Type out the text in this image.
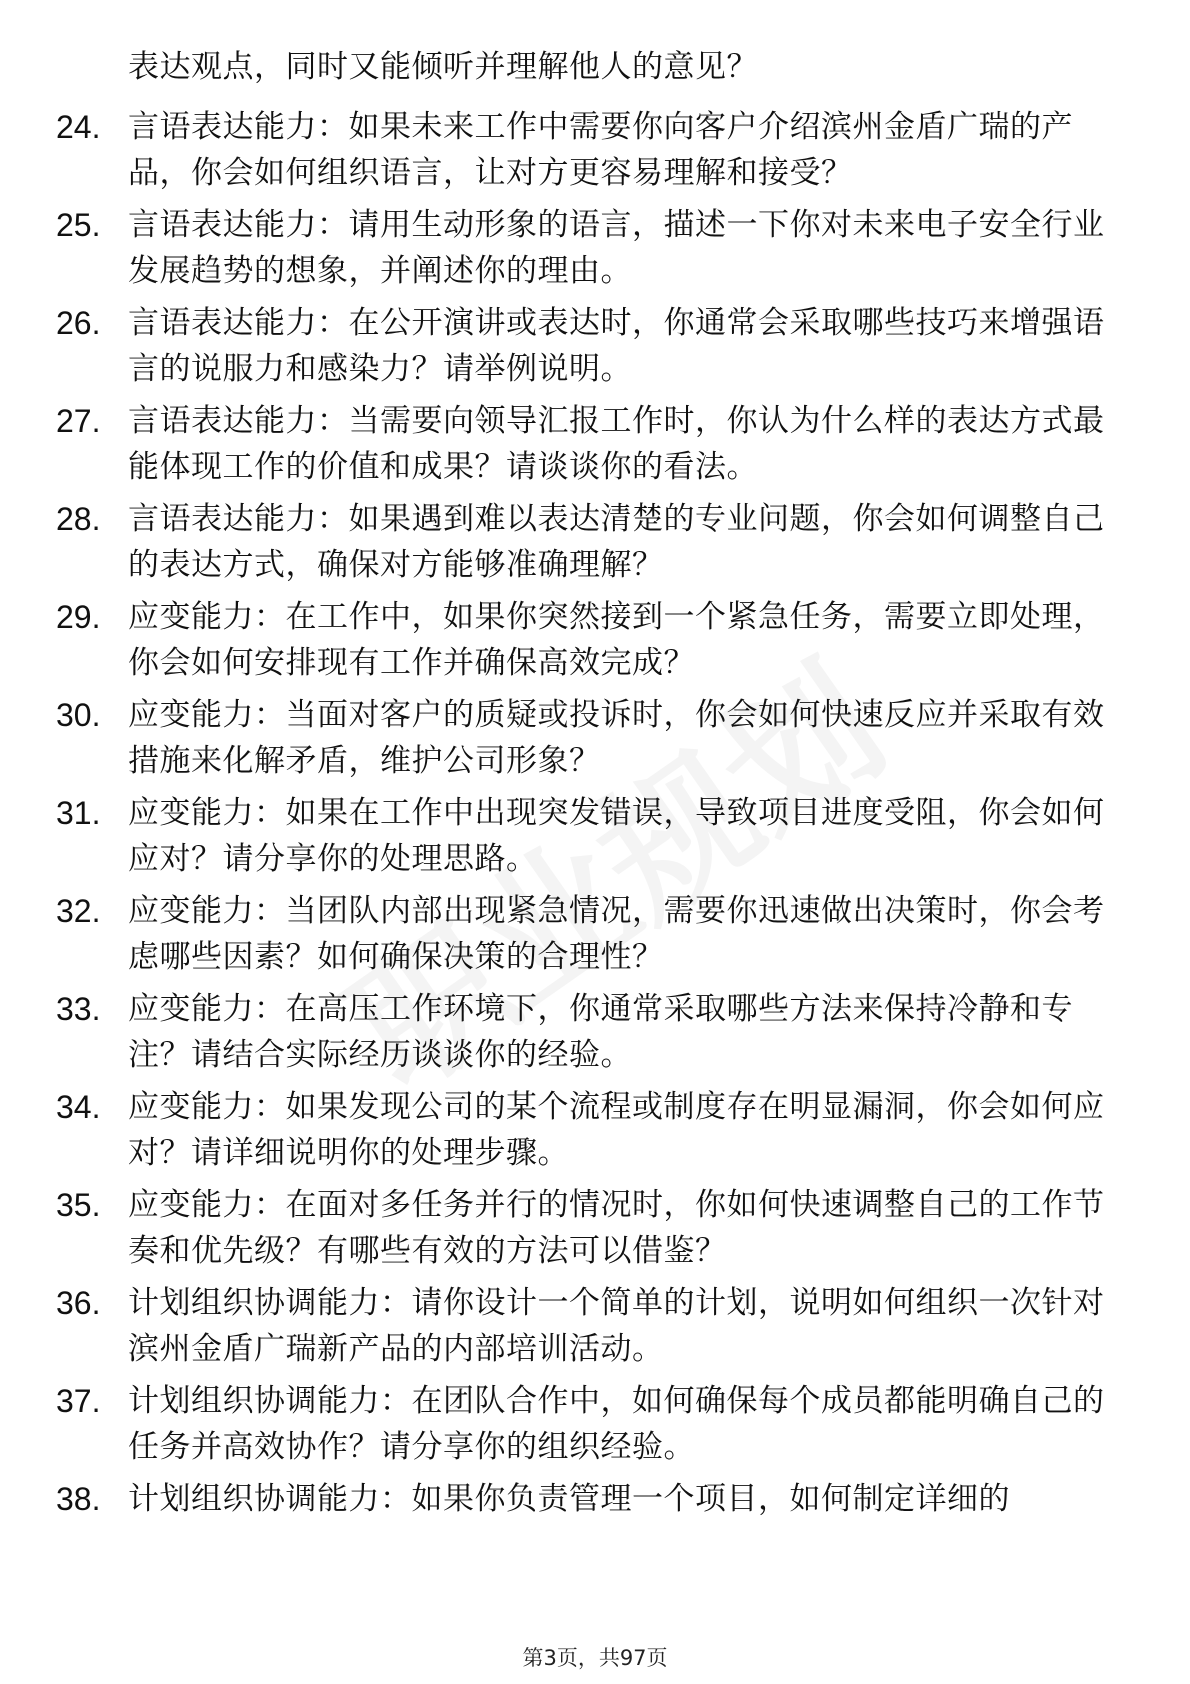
表达观点，同时又能倾听并理解他人的意见？
24. 言语表达能力：如果未来工作中需要你向客户介绍滨州金盾广瑞的产品，你会如何组织语言，让对方更容易理解和接受？
25. 言语表达能力：请用生动形象的语言，描述一下你对未来电子安全行业发展趋势的想象，并阐述你的理由。
26. 言语表达能力：在公开演讲或表达时，你通常会采取哪些技巧来增强语言的说服力和感染力？请举例说明。
27. 言语表达能力：当需要向领导汇报工作时，你认为什么样的表达方式最能体现工作的价值和成果？请谈谈你的看法。
28. 言语表达能力：如果遇到难以表达清楚的专业问题，你会如何调整自己的表达方式，确保对方能够准确理解？
29. 应变能力：在工作中，如果你突然接到一个紧急任务，需要立即处理，你会如何安排现有工作并确保高效完成？
30. 应变能力：当面对客户的质疑或投诉时，你会如何快速反应并采取有效措施来化解矛盾，维护公司形象？
31. 应变能力：如果在工作中出现突发错误，导致项目进度受阻，你会如何应对？请分享你的处理思路。
32. 应变能力：当团队内部出现紧急情况，需要你迅速做出决策时，你会考虑哪些因素？如何确保决策的合理性？
33. 应变能力：在高压工作环境下，你通常采取哪些方法来保持冷静和专注？请结合实际经历谈谈你的经验。
34. 应变能力：如果发现公司的某个流程或制度存在明显漏洞，你会如何应对？请详细说明你的处理步骤。
35. 应变能力：在面对多任务并行的情况时，你如何快速调整自己的工作节奏和优先级？有哪些有效的方法可以借鉴？
36. 计划组织协调能力：请你设计一个简单的计划，说明如何组织一次针对滨州金盾广瑞新产品的内部培训活动。
37. 计划组织协调能力：在团队合作中，如何确保每个成员都能明确自己的任务并高效协作？请分享你的组织经验。
38. 计划组织协调能力：如果你负责管理一个项目，如何制定详细的
第3页，共97页
